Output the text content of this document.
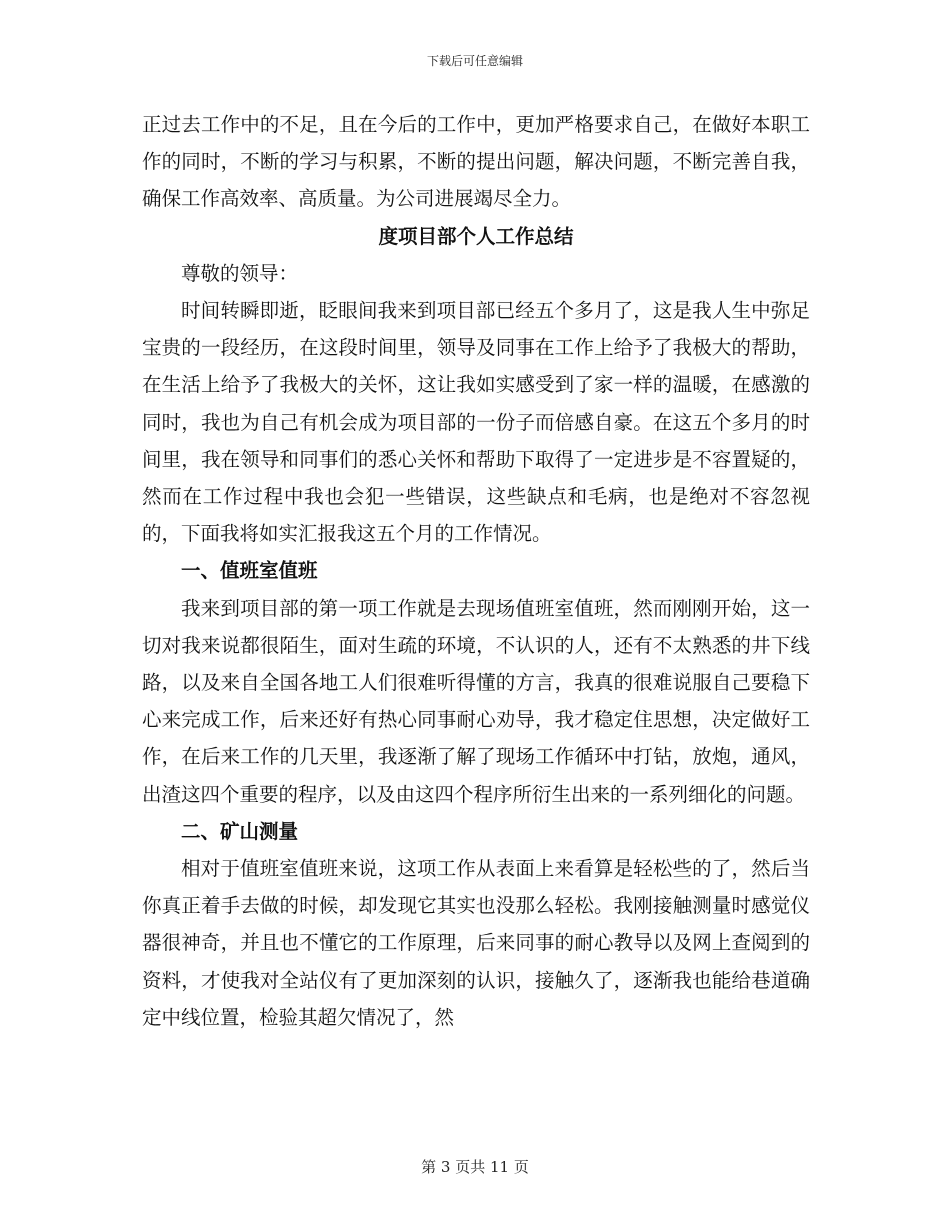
下载后可任意编辑

正过去工作中的不足，且在今后的工作中，更加严格要求自己，在做好本职工作的同时，不断的学习与积累，不断的提出问题，解决问题，不断完善自我，确保工作高效率、高质量。为公司进展竭尽全力。

度项目部个人工作总结

尊敬的领导：

时间转瞬即逝，眨眼间我来到项目部已经五个多月了，这是我人生中弥足宝贵的一段经历，在这段时间里，领导及同事在工作上给予了我极大的帮助，在生活上给予了我极大的关怀，这让我如实感受到了家一样的温暖，在感激的同时，我也为自己有机会成为项目部的一份子而倍感自豪。在这五个多月的时间里，我在领导和同事们的悉心关怀和帮助下取得了一定进步是不容置疑的，然而在工作过程中我也会犯一些错误，这些缺点和毛病，也是绝对不容忽视的，下面我将如实汇报我这五个月的工作情况。

一、值班室值班

我来到项目部的第一项工作就是去现场值班室值班，然而刚刚开始，这一切对我来说都很陌生，面对生疏的环境，不认识的人，还有不太熟悉的井下线路，以及来自全国各地工人们很难听得懂的方言，我真的很难说服自己要稳下心来完成工作，后来还好有热心同事耐心劝导，我才稳定住思想，决定做好工作，在后来工作的几天里，我逐渐了解了现场工作循环中打钻，放炮，通风，出渣这四个重要的程序，以及由这四个程序所衍生出来的一系列细化的问题。

二、矿山测量

相对于值班室值班来说，这项工作从表面上来看算是轻松些的了，然后当你真正着手去做的时候，却发现它其实也没那么轻松。我刚接触测量时感觉仪器很神奇，并且也不懂它的工作原理，后来同事的耐心教导以及网上查阅到的资料，才使我对全站仪有了更加深刻的认识，接触久了，逐渐我也能给巷道确定中线位置，检验其超欠情况了，然

第 3 页共 11 页
